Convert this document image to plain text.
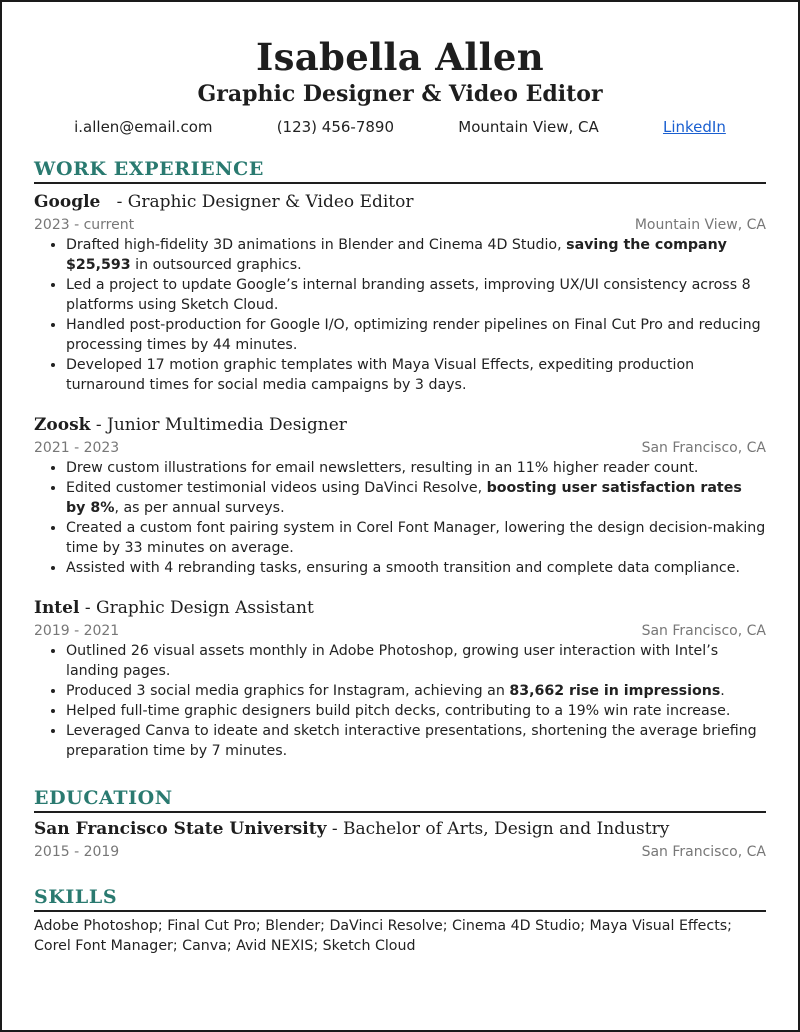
Isabella Allen
Graphic Designer & Video Editor
i.allen@email.com	(123) 456-7890	Mountain View, CA	LinkedIn
WORK EXPERIENCE
Google   - Graphic Designer & Video Editor
2023 - current	Mountain View, CA
• Drafted high-fidelity 3D animations in Blender and Cinema 4D Studio, saving the company $25,593 in outsourced graphics.
• Led a project to update Google’s internal branding assets, improving UX/UI consistency across 8 platforms using Sketch Cloud.
• Handled post-production for Google I/O, optimizing render pipelines on Final Cut Pro and reducing processing times by 44 minutes.
• Developed 17 motion graphic templates with Maya Visual Effects, expediting production turnaround times for social media campaigns by 3 days.
Zoosk - Junior Multimedia Designer
2021 - 2023	San Francisco, CA
• Drew custom illustrations for email newsletters, resulting in an 11% higher reader count.
• Edited customer testimonial videos using DaVinci Resolve, boosting user satisfaction rates by 8%, as per annual surveys.
• Created a custom font pairing system in Corel Font Manager, lowering the design decision-making time by 33 minutes on average.
• Assisted with 4 rebranding tasks, ensuring a smooth transition and complete data compliance.
Intel - Graphic Design Assistant
2019 - 2021	San Francisco, CA
• Outlined 26 visual assets monthly in Adobe Photoshop, growing user interaction with Intel’s landing pages.
• Produced 3 social media graphics for Instagram, achieving an 83,662 rise in impressions.
• Helped full-time graphic designers build pitch decks, contributing to a 19% win rate increase.
• Leveraged Canva to ideate and sketch interactive presentations, shortening the average briefing preparation time by 7 minutes.
EDUCATION
San Francisco State University - Bachelor of Arts, Design and Industry
2015 - 2019	San Francisco, CA
SKILLS
Adobe Photoshop; Final Cut Pro; Blender; DaVinci Resolve; Cinema 4D Studio; Maya Visual Effects; Corel Font Manager; Canva; Avid NEXIS; Sketch Cloud
